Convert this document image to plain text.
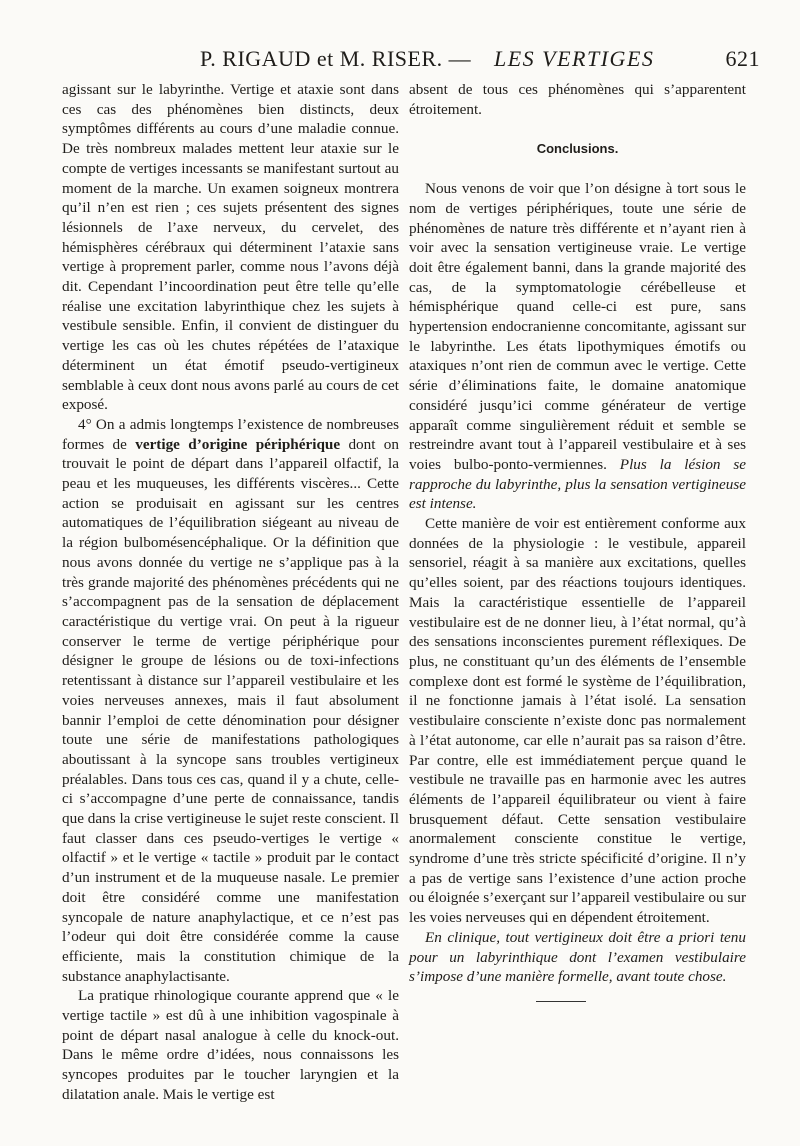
P. RIGAUD et M. RISER. — LES VERTIGES	621

agissant sur le labyrinthe. Vertige et ataxie sont dans ces cas des phénomènes bien distincts, deux symptômes différents au cours d’une maladie connue. De très nombreux malades mettent leur ataxie sur le compte de vertiges incessants se manifestant surtout au moment de la marche. Un examen soigneux montrera qu’il n’en est rien ; ces sujets présentent des signes lésionnels de l’axe nerveux, du cervelet, des hémisphères cérébraux qui déterminent l’ataxie sans vertige à proprement parler, comme nous l’avons déjà dit. Cependant l’incoordination peut être telle qu’elle réalise une excitation labyrinthique chez les sujets à vestibule sensible. Enfin, il convient de distinguer du vertige les cas où les chutes répétées de l’ataxique déterminent un état émotif pseudo-vertigineux semblable à ceux dont nous avons parlé au cours de cet exposé.

4° On a admis longtemps l’existence de nombreuses formes de vertige d’origine périphérique dont on trouvait le point de départ dans l’appareil olfactif, la peau et les muqueuses, les différents viscères... Cette action se produisait en agissant sur les centres automatiques de l’équilibration siégeant au niveau de la région bulbomésencéphalique. Or la définition que nous avons donnée du vertige ne s’applique pas à la très grande majorité des phénomènes précédents qui ne s’accompagnent pas de la sensation de déplacement caractéristique du vertige vrai. On peut à la rigueur conserver le terme de vertige périphérique pour désigner le groupe de lésions ou de toxi-infections retentissant à distance sur l’appareil vestibulaire et les voies nerveuses annexes, mais il faut absolument bannir l’emploi de cette dénomination pour désigner toute une série de manifestations pathologiques aboutissant à la syncope sans troubles vertigineux préalables. Dans tous ces cas, quand il y a chute, celle-ci s’accompagne d’une perte de connaissance, tandis que dans la crise vertigineuse le sujet reste conscient. Il faut classer dans ces pseudo-vertiges le vertige « olfactif » et le vertige « tactile » produit par le contact d’un instrument et de la muqueuse nasale. Le premier doit être considéré comme une manifestation syncopale de nature anaphylactique, et ce n’est pas l’odeur qui doit être considérée comme la cause efficiente, mais la constitution chimique de la substance anaphylactisante.

La pratique rhinologique courante apprend que « le vertige tactile » est dû à une inhibition vagospinale à point de départ nasal analogue à celle du knock-out. Dans le même ordre d’idées, nous connaissons les syncopes produites par le toucher laryngien et la dilatation anale. Mais le vertige est

absent de tous ces phénomènes qui s’apparentent étroitement.

Conclusions.

Nous venons de voir que l’on désigne à tort sous le nom de vertiges périphériques, toute une série de phénomènes de nature très différente et n’ayant rien à voir avec la sensation vertigineuse vraie. Le vertige doit être également banni, dans la grande majorité des cas, de la symptomatologie cérébelleuse et hémisphérique quand celle-ci est pure, sans hypertension endocranienne concomitante, agissant sur le labyrinthe. Les états lipothymiques émotifs ou ataxiques n’ont rien de commun avec le vertige. Cette série d’éliminations faite, le domaine anatomique considéré jusqu’ici comme générateur de vertige apparaît comme singulièrement réduit et semble se restreindre avant tout à l’appareil vestibulaire et à ses voies bulbo-ponto-vermiennes. Plus la lésion se rapproche du labyrinthe, plus la sensation vertigineuse est intense.

Cette manière de voir est entièrement conforme aux données de la physiologie : le vestibule, appareil sensoriel, réagit à sa manière aux excitations, quelles qu’elles soient, par des réactions toujours identiques. Mais la caractéristique essentielle de l’appareil vestibulaire est de ne donner lieu, à l’état normal, qu’à des sensations inconscientes purement réflexiques. De plus, ne constituant qu’un des éléments de l’ensemble complexe dont est formé le système de l’équilibration, il ne fonctionne jamais à l’état isolé. La sensation vestibulaire consciente n’existe donc pas normalement à l’état autonome, car elle n’aurait pas sa raison d’être. Par contre, elle est immédiatement perçue quand le vestibule ne travaille pas en harmonie avec les autres éléments de l’appareil équilibrateur ou vient à faire brusquement défaut. Cette sensation vestibulaire anormalement consciente constitue le vertige, syndrome d’une très stricte spécificité d’origine. Il n’y a pas de vertige sans l’existence d’une action proche ou éloignée s’exerçant sur l’appareil vestibulaire ou sur les voies nerveuses qui en dépendent étroitement.

En clinique, tout vertigineux doit être a priori tenu pour un labyrinthique dont l’examen vestibulaire s’impose d’une manière formelle, avant toute chose.
